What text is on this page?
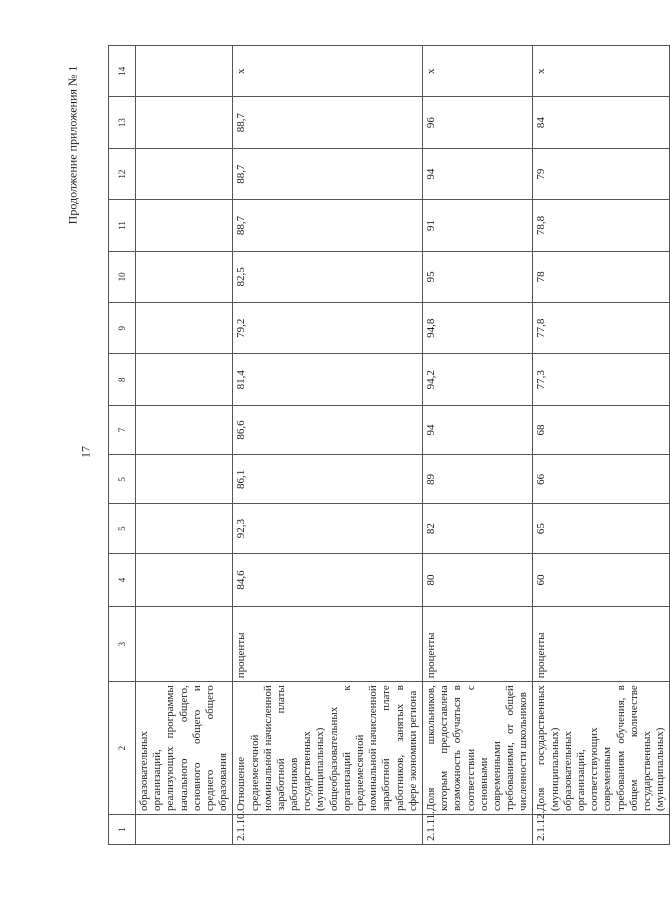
17
Продолжение приложения № 1
1	2	3	4	5	5	7	8	9	10	11	12	13	14
	образовательных организаций, реализующих программы начального общего, основного общего и среднего общего образования												
2.1.10.	Отношение среднемесячной номинальной начисленной заработной платы работников государственных (муниципальных) общеобразовательных организаций к среднемесячной номинальной начисленной заработной плате работников, занятых в сфере экономики региона	проценты	84,6	92,3	86,1	86,6	81,4	79,2	82,5	88,7	88,7	88,7	х
2.1.11.	Доля школьников, которым предоставлена возможность обучаться в соответствии с основными современными требованиями, от общей численности школьников	проценты	80	82	89	94	94,2	94,8	95	91	94	96	х
2.1.12.	Доля государственных (муниципальных) образовательных организаций, соответствующих современным требованиям обучения, в общем количестве государственных (муниципальных)	проценты	60	65	66	68	77,3	77,8	78	78,8	79	84	х
